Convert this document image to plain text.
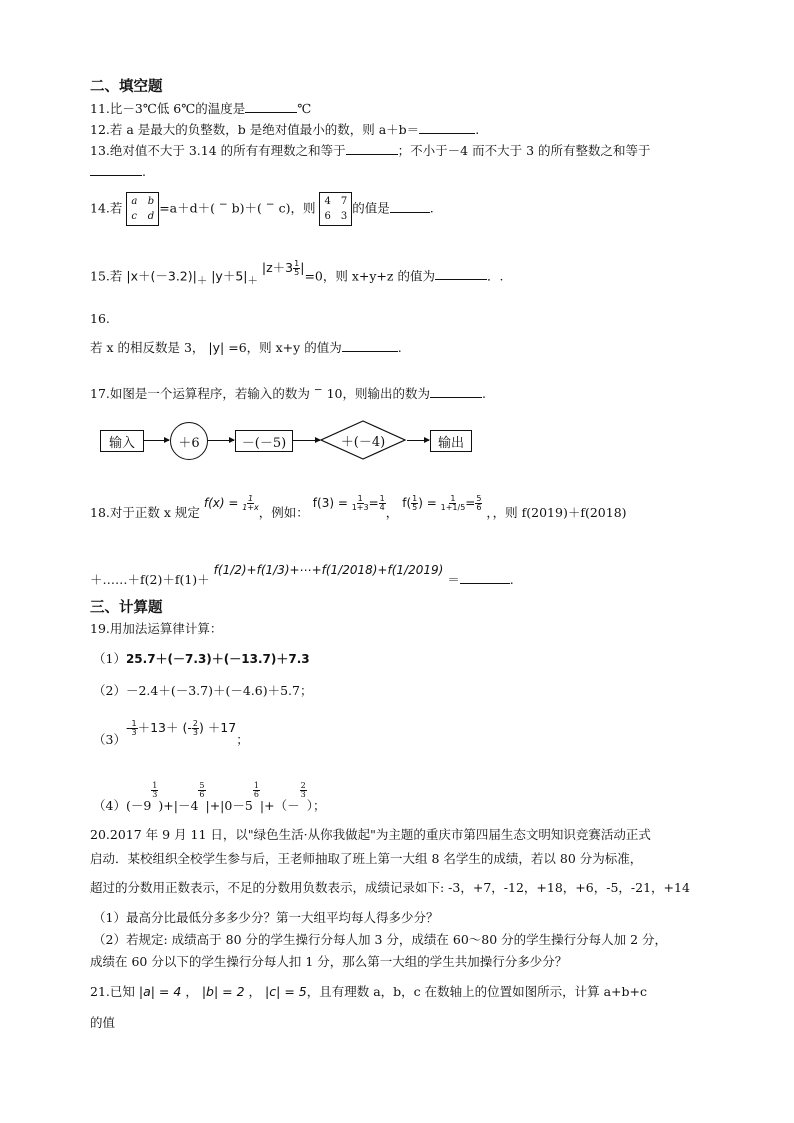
二、填空题
11.比－3℃低 6℃的温度是	℃
12.若 a 是最大的负整数，b 是绝对值最小的数，则 a＋b＝	.
13.绝对值不大于 3.14 的所有有理数之和等于	；不小于－4 而不大于 3 的所有整数之和等于
.
14.若 a b
c d
=a＋d＋( − b)＋( − c)，则 4 7
6 3
的值是	.
15.若 $|x+(-3.2)|_+$ $|y+5|_+$ $|z+3 \frac{1}{5} |=0$，则 x+y+z 的值为	．.
16.
若 x 的相反数是 3， |y| =6，则 x+y 的值为	.
17.如图是一个运算程序，若输入的数为 − 10，则输出的数为	.
输入	＋6	－(－5)	＋(－4)	输出
18.对于正数 x 规定 $f(x) = \frac{1}{1+x}$
，例如： $f(3) = \frac{1}{1+3} = \frac{1}{4}$
， $f( \frac{1}{5}$ ) = $\frac{1}{1+1/5} = \frac{5}{6}$
，，则 f(2019)＋f(2018)
＋……＋f(2)＋f(1)＋ f(1/2)+f(1/3)+⋯+f(1/2018)+f(1/2019) ＝	.
三、计算题
19.用加法运算律计算：
（1）25.7＋(－7.3)＋(－13.7)＋7.3
（2）－2.4＋(－3.7)＋(－4.6)＋5.7；
$(3)- \frac{1}{3} +13+$ (- $\frac{2}{3}$ ) ＋17；
（4）(－9
$\frac{1}{3}$
)+|－4
$\frac{5}{6}$
|+|0－5
$\frac{1}{6}$
|+（－
$\frac{2}{3}$
）；
20.2017 年 9 月 11 日，以"绿色生活·从你我做起"为主题的重庆市第四届生态文明知识竞赛活动正式
启动．某校组织全校学生参与后，王老师抽取了班上第一大组 8 名学生的成绩，若以 80 分为标准，
超过的分数用正数表示，不足的分数用负数表示，成绩记录如下: -3，+7，-12，+18，+6，-5，-21，+14
（1）最高分比最低分多多少分？第一大组平均每人得多少分？
（2）若规定: 成绩高于 80 分的学生操行分每人加 3 分，成绩在 60～80 分的学生操行分每人加 2 分，
成绩在 60 分以下的学生操行分每人扣 1 分，那么第一大组的学生共加操行分多少分？
21.已知 |a| = 4 ， |b| = 2 ， |c| = 5，且有理数 a，b，c 在数轴上的位置如图所示，计算 a+b+c
的值
